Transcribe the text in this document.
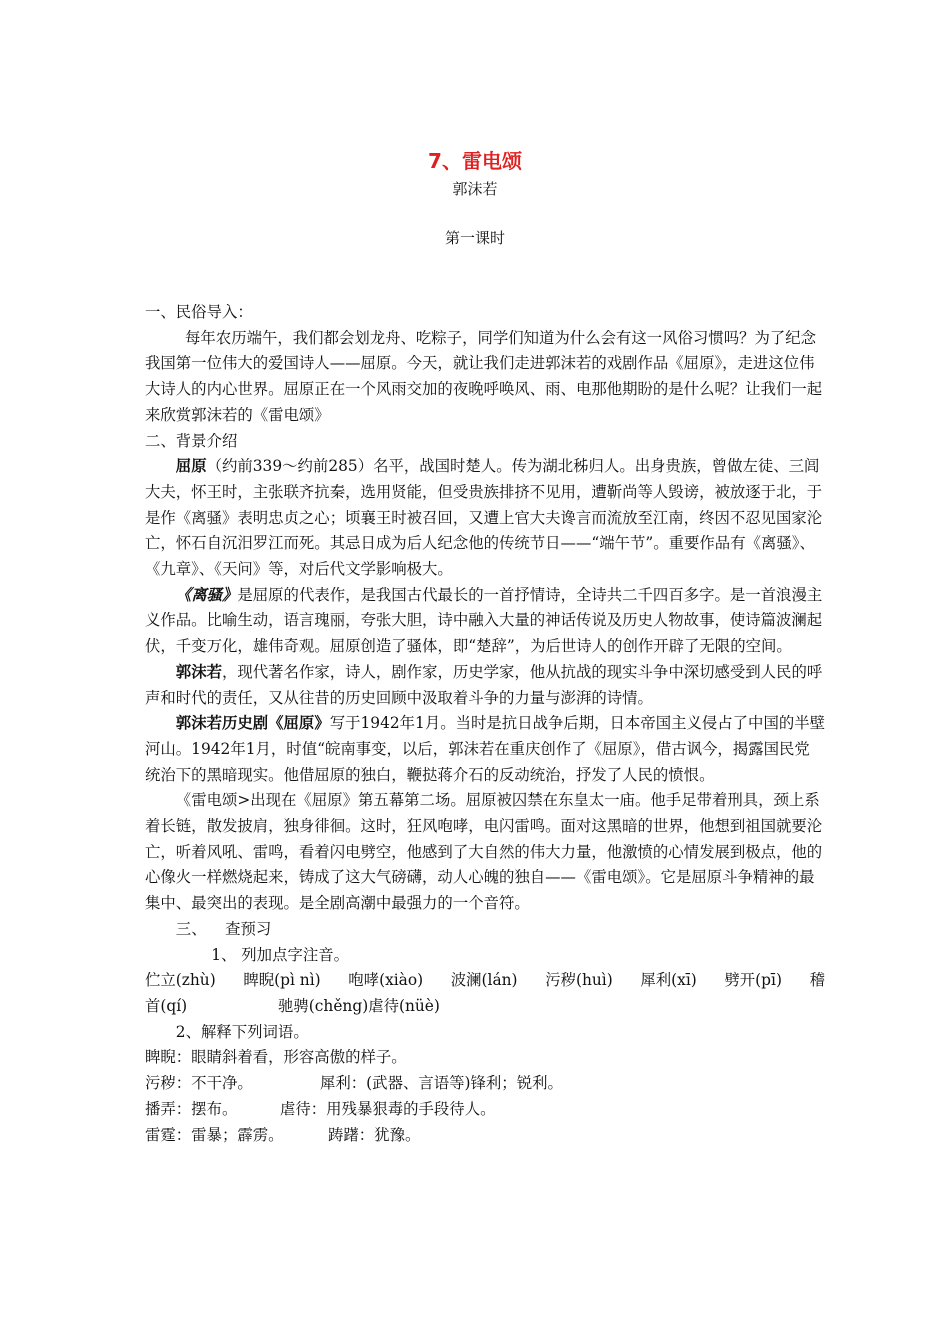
7、雷电颂
郭沫若
第一课时

一、民俗导入：

每年农历端午，我们都会划龙舟、吃粽子，同学们知道为什么会有这一风俗习惯吗？为了纪念我国第一位伟大的爱国诗人——屈原。今天，就让我们走进郭沫若的戏剧作品《屈原》，走进这位伟大诗人的内心世界。屈原正在一个风雨交加的夜晚呼唤风、雨、电那他期盼的是什么呢？让我们一起来欣赏郭沫若的《雷电颂》

二、背景介绍

屈原（约前339～约前285）名平，战国时楚人。传为湖北秭归人。出身贵族，曾做左徒、三闾大夫，怀王时，主张联齐抗秦，选用贤能，但受贵族排挤不见用，遭靳尚等人毁谤，被放逐于北，于是作《离骚》表明忠贞之心；顷襄王时被召回，又遭上官大夫谗言而流放至江南，终因不忍见国家沦亡，怀石自沉汨罗江而死。其忌日成为后人纪念他的传统节日——“端午节”。重要作品有《离骚》、《九章》、《天问》等，对后代文学影响极大。

《离骚》是屈原的代表作，是我国古代最长的一首抒情诗，全诗共二千四百多字。是一首浪漫主义作品。比喻生动，语言瑰丽，夸张大胆，诗中融入大量的神话传说及历史人物故事，使诗篇波澜起伏，千变万化，雄伟奇观。屈原创造了骚体，即“楚辞”，为后世诗人的创作开辟了无限的空间。

郭沫若，现代著名作家，诗人，剧作家，历史学家，他从抗战的现实斗争中深切感受到人民的呼声和时代的责任，又从往昔的历史回顾中汲取着斗争的力量与澎湃的诗情。

郭沫若历史剧《屈原》写于1942年1月。当时是抗日战争后期，日本帝国主义侵占了中国的半壁河山。1942年1月，时值“皖南事变，以后，郭沫若在重庆创作了《屈原》，借古讽今，揭露国民党统治下的黑暗现实。他借屈原的独白，鞭挞蒋介石的反动统治，抒发了人民的愤恨。

《雷电颂>出现在《屈原》第五幕第二场。屈原被囚禁在东皇太一庙。他手足带着刑具，颈上系着长链，散发披肩，独身徘徊。这时，狂风咆哮，电闪雷鸣。面对这黑暗的世界，他想到祖国就要沦亡，听着风吼、雷鸣，看着闪电劈空，他感到了大自然的伟大力量，他激愤的心情发展到极点，他的心像火一样燃烧起来，铸成了这大气磅礴，动人心魄的独自——《雷电颂》。它是屈原斗争精神的最集中、最突出的表现。是全剧高潮中最强力的一个音符。

三、 查预习

1、 列加点字注音。

伫立(zhù) 睥睨(pì nì) 咆哮(xiào) 波澜(lán) 污秽(huì) 犀利(xī) 劈开(pī) 稽

首(qí)	驰骋(chěng)虐待(nüè)

2、解释下列词语。

睥睨：眼睛斜着看，形容高傲的样子。

污秽：不干净。	犀利：(武器、言语等)锋利；锐利。

播弄：摆布。	虐待：用残暴狠毒的手段待人。

雷霆：雷暴；霹雳。	踌躇：犹豫。
